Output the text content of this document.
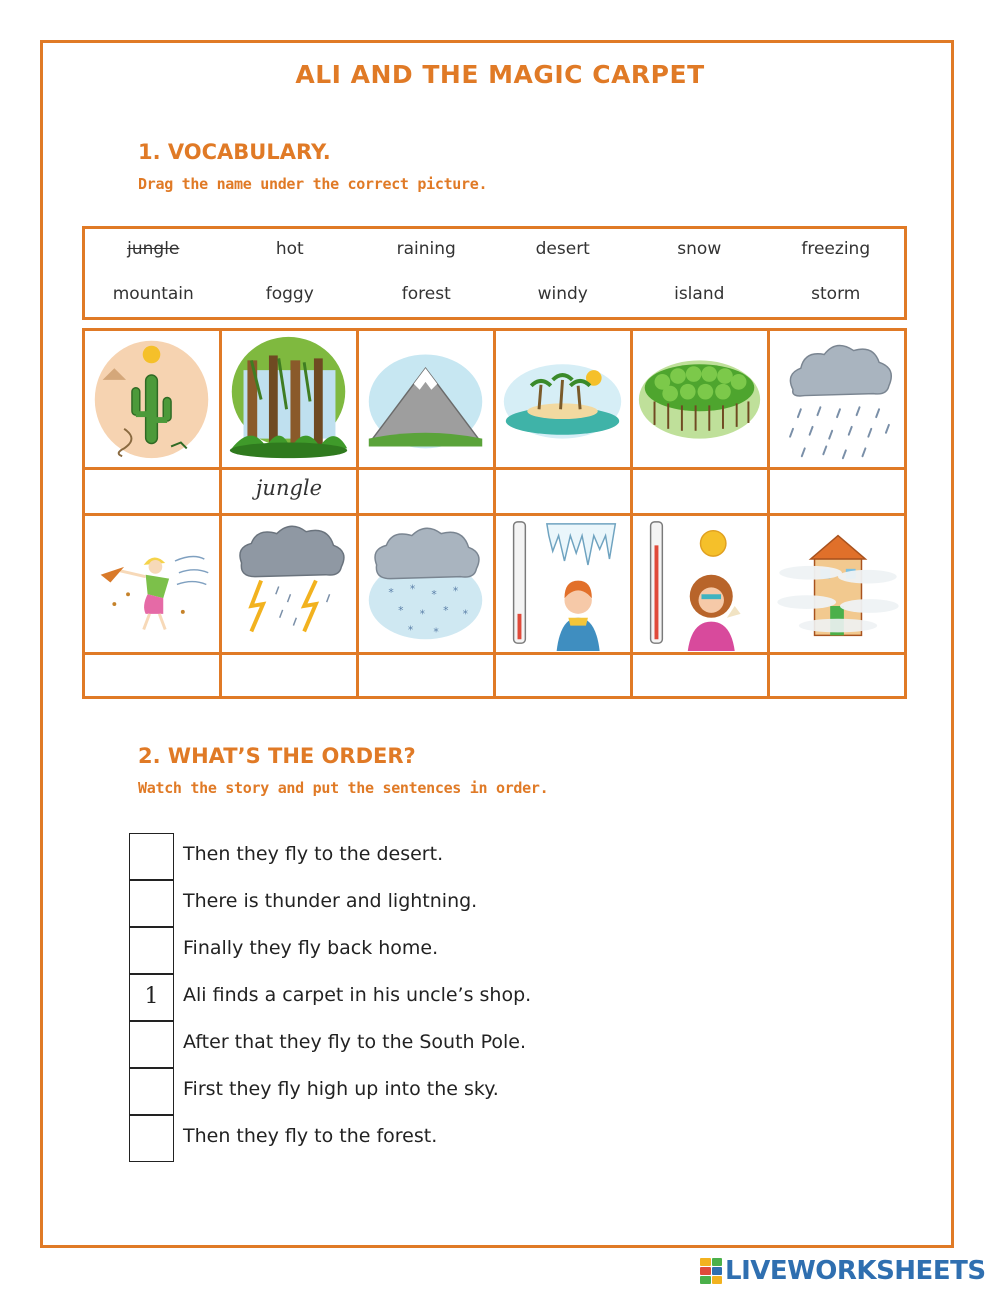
ALI AND THE MAGIC CARPET
1. VOCABULARY.
Drag the name under the correct picture.
jungle	hot	raining	desert	snow	freezing
mountain	foggy	forest	windy	island	storm
jungle
* * * *
* * * *
* *
2. WHAT’S THE ORDER?
Watch the story and put the sentences in order.
Then they fly to the desert.
There is thunder and lightning.
Finally they fly back home.
1	Ali finds a carpet in his uncle’s shop.
After that they fly to the South Pole.
First they fly high up into the sky.
Then they fly to the forest.
LIVEWORKSHEETS
